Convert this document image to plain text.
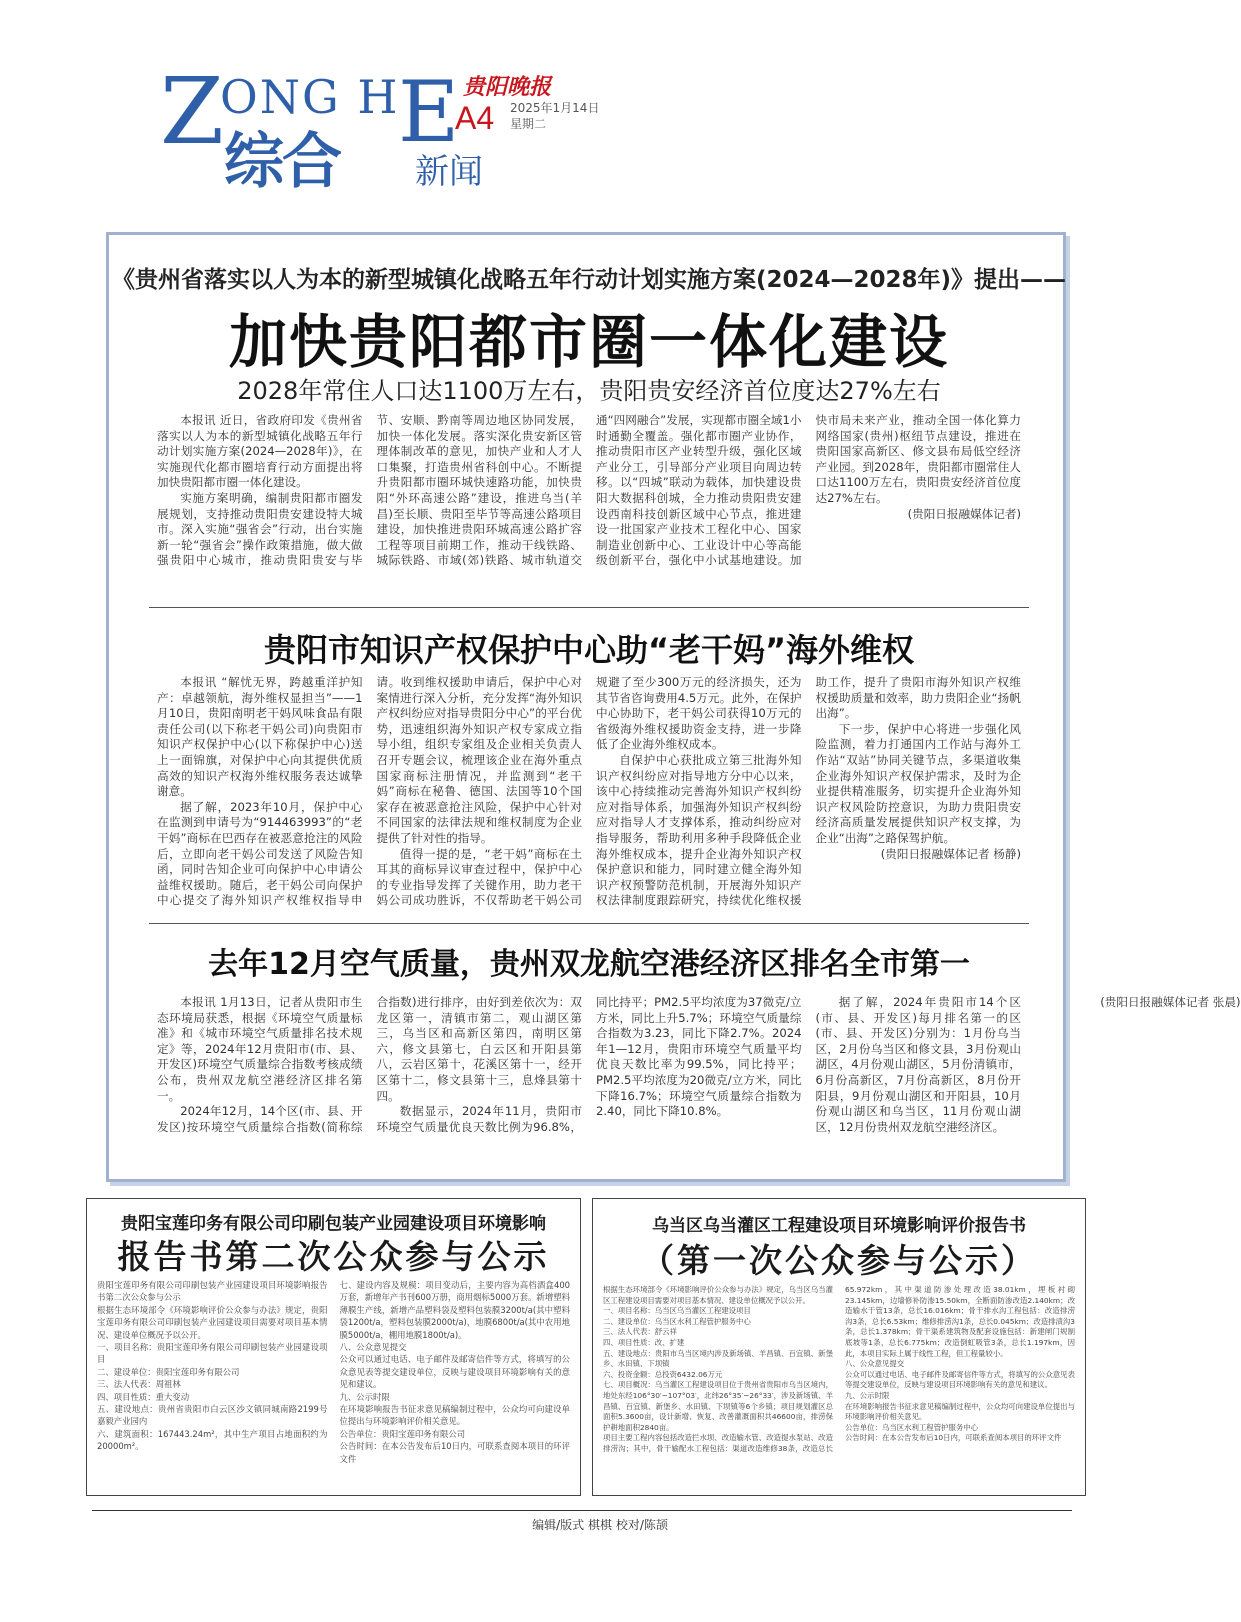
Z
ONG H
综合
E
新闻
贵阳晚报
A4 2025年1月14日
星期二
《贵州省落实以人为本的新型城镇化战略五年行动计划实施方案(2024—2028年)》提出——
加快贵阳都市圈一体化建设
2028年常住人口达1100万左右，贵阳贵安经济首位度达27%左右

本报讯 近日，省政府印发《贵州省落实以人为本的新型城镇化战略五年行动计划实施方案(2024—2028年)》，在实施现代化都市圈培育行动方面提出将加快贵阳都市圈一体化建设。

实施方案明确，编制贵阳都市圈发展规划，支持推动贵阳贵安建设特大城市。深入实施“强省会”行动，出台实施新一轮“强省会”操作政策措施，做大做强贵阳中心城市，推动贵阳贵安与毕节、安顺、黔南等周边地区协同发展，加快一体化发展。落实深化贵安新区管理体制改革的意见，加快产业和人才人口集聚，打造贵州省科创中心。不断提升贵阳都市圈环城快速路功能，加快贵阳“外环高速公路”建设，推进乌当(羊昌)至长顺、贵阳至毕节等高速公路项目建设，加快推进贵阳环城高速公路扩容工程等项目前期工作，推动干线铁路、城际铁路、市域(郊)铁路、城市轨道交通“四网融合”发展，实现都市圈全域1小时通勤全覆盖。强化都市圈产业协作，推动贵阳市区产业转型升级，强化区域产业分工，引导部分产业项目向周边转移。以“四城”联动为载体，加快建设贵阳大数据科创城，全力推动贵阳贵安建设西南科技创新区域中心节点，推进建设一批国家产业技术工程化中心、国家制造业创新中心、工业设计中心等高能级创新平台，强化中小试基地建设。加快市局未来产业，推动全国一体化算力网络国家(贵州)枢纽节点建设，推进在贵阳国家高新区、修文县布局低空经济产业园。到2028年，贵阳都市圈常住人口达1100万左右，贵阳贵安经济首位度达27%左右。

(贵阳日报融媒体记者)

贵阳市知识产权保护中心助“老干妈”海外维权

本报讯 “解忧无界，跨越重洋护知产：卓越领航，海外维权显担当”——1月10日，贵阳南明老干妈风味食品有限责任公司(以下称老干妈公司)向贵阳市知识产权保护中心(以下称保护中心)送上一面锦旗，对保护中心向其提供优质高效的知识产权海外维权服务表达诚挚谢意。

据了解，2023年10月，保护中心在监测到申请号为“914463993”的“老干妈”商标在巴西存在被恶意抢注的风险后，立即向老干妈公司发送了风险告知函，同时告知企业可向保护中心申请公益维权援助。随后，老干妈公司向保护中心提交了海外知识产权维权指导申请。收到维权援助申请后，保护中心对案情进行深入分析，充分发挥“海外知识产权纠纷应对指导贵阳分中心”的平台优势，迅速组织海外知识产权专家成立指导小组，组织专家组及企业相关负责人召开专题会议，梳理该企业在海外重点国家商标注册情况，并监测到“老干妈”商标在秘鲁、德国、法国等10个国家存在被恶意抢注风险，保护中心针对不同国家的法律法规和维权制度为企业提供了针对性的指导。

值得一提的是，“老干妈”商标在土耳其的商标异议审查过程中，保护中心的专业指导发挥了关键作用，助力老干妈公司成功胜诉，不仅帮助老干妈公司规避了至少300万元的经济损失，还为其节省咨询费用4.5万元。此外，在保护中心协助下，老干妈公司获得10万元的省级海外维权援助资金支持，进一步降低了企业海外维权成本。

自保护中心获批成立第三批海外知识产权纠纷应对指导地方分中心以来，该中心持续推动完善海外知识产权纠纷应对指导体系，加强海外知识产权纠纷应对指导人才支撑体系，推动纠纷应对指导服务，帮助利用多种手段降低企业海外维权成本，提升企业海外知识产权保护意识和能力，同时建立健全海外知识产权预警防范机制，开展海外知识产权法律制度跟踪研究，持续优化维权援助工作，提升了贵阳市海外知识产权维权援助质量和效率，助力贵阳企业“扬帆出海”。

下一步，保护中心将进一步强化风险监测，着力打通国内工作站与海外工作站“双站”协同关键节点，多渠道收集企业海外知识产权保护需求，及时为企业提供精准服务，切实提升企业海外知识产权风险防控意识，为助力贵阳贵安经济高质量发展提供知识产权支撑，为企业“出海”之路保驾护航。

(贵阳日报融媒体记者 杨静)

去年12月空气质量，贵州双龙航空港经济区排名全市第一

本报讯 1月13日，记者从贵阳市生态环境局获悉，根据《环境空气质量标准》和《城市环境空气质量排名技术规定》等，2024年12月贵阳市(市、县、开发区)环境空气质量综合指数考核成绩公布，贵州双龙航空港经济区排名第一。

2024年12月，14个区(市、县、开发区)按环境空气质量综合指数(简称综合指数)进行排序，由好到差依次为：双龙区第一，清镇市第二，观山湖区第三，乌当区和高新区第四，南明区第六，修文县第七，白云区和开阳县第八，云岩区第十，花溪区第十一，经开区第十二，修文县第十三，息烽县第十四。

数据显示，2024年11月，贵阳市环境空气质量优良天数比例为96.8%，同比持平；PM2.5平均浓度为37微克/立方米，同比上升5.7%；环境空气质量综合指数为3.23，同比下降2.7%。2024年1—12月，贵阳市环境空气质量平均优良天数比率为99.5%，同比持平；PM2.5平均浓度为20微克/立方米，同比下降16.7%；环境空气质量综合指数为2.40，同比下降10.8%。

据了解，2024年贵阳市14个区(市、县、开发区)每月排名第一的区(市、县、开发区)分别为：1月份乌当区，2月份乌当区和修文县，3月份观山湖区，4月份观山湖区，5月份清镇市，6月份高新区，7月份高新区，8月份开阳县，9月份观山湖区和开阳县，10月份观山湖区和乌当区，11月份观山湖区，12月份贵州双龙航空港经济区。

(贵阳日报融媒体记者 张晨)

贵阳宝莲印务有限公司印刷包装产业园建设项目环境影响
报告书第二次公众参与公示

贵阳宝莲印务有限公司印刷包装产业园建设项目环境影响报告书第二次公众参与公示

根据生态环境部令《环境影响评价公众参与办法》规定，贵阳宝莲印务有限公司印刷包装产业园建设项目需要对项目基本情况、建设单位概况予以公开。

一、项目名称：贵阳宝莲印务有限公司印刷包装产业园建设项目

二、建设单位：贵阳宝莲印务有限公司

三、法人代表：周祖林

四、项目性质：重大变动

五、建设地点：贵州省贵阳市白云区沙文镇同城南路2199号嘉毅产业园内

六、建筑面积：167443.24m²，其中生产项目占地面积约为20000m²。

七、建设内容及规模：项目变动后，主要内容为高档酒盒400万套，新增年产书刊600万册，商用烟标5000万套。新增塑料薄膜生产线，新增产品塑料袋及塑料包装膜3200t/a(其中塑料袋1200t/a，塑料包装膜2000t/a)，地膜6800t/a(其中农用地膜5000t/a，棚用地膜1800t/a)。

八、公众意见提交

公众可以通过电话、电子邮件及邮寄信件等方式，将填写的公众意见表等提交建设单位，反映与建设项目环境影响有关的意见和建议。

九、公示时限

在环境影响报告书征求意见稿编制过程中，公众均可向建设单位提出与环境影响评价相关意见。

公告单位：贵阳宝莲印务有限公司

公告时间：在本公告发布后10日内，可联系查阅本项目的环评文件

乌当区乌当灌区工程建设项目环境影响评价报告书
（第一次公众参与公示）

根据生态环境部令《环境影响评价公众参与办法》规定，乌当区乌当灌区工程建设项目需要对项目基本情况、建设单位概况予以公开。

一、项目名称：乌当区乌当灌区工程建设项目

二、建设单位：乌当区水利工程管护服务中心

三、法人代表：舒云祥

四、项目性质：改、扩建

五、建设地点：贵阳市乌当区境内涉及新场镇、羊昌镇、百宜镇、新堡乡、水田镇、下坝镇

六、投资金额：总投资6432.06万元

七、项目概况：乌当灌区工程建设项目位于贵州省贵阳市乌当区境内，地处东经106°30′~107°03′，北纬26°35′~26°33′，涉及新场镇、羊昌镇、百宜镇、新堡乡、水田镇、下坝镇等6个乡镇；项目规划灌区总面积5.3600亩，设计新增、恢复、改善灌溉面积共46600亩，排涝保护耕地面积2840亩。

项目主要工程内容包括改造拦水坝、改造输水管、改造提水泵站、改造排涝沟；其中，骨干输配水工程包括：渠道改造维修38条，改造总长65.972km，其中渠道防渗处理改造38.01km，埋板衬砌23.145km，边墙修补防渗15.50km，全断面防渗改造2.140km；改造输水干管13条，总长16.016km；骨干排水沟工程包括：改造排涝沟3条，总长6.53km；维修排涝沟1条，总长0.045km；改造排渍沟3条，总长1.378km；骨干渠系建筑物及配套设施包括：新建闸门规制底坡等1条，总长6.775km；改造倒虹吸管3条，总长1.197km，因此，本项目实际上属于线性工程，但工程量较小。

八、公众意见提交

公众可以通过电话、电子邮件及邮寄信件等方式，将填写的公众意见表等提交建设单位，反映与建设项目环境影响有关的意见和建议。

九、公示时限

在环境影响报告书征求意见稿编制过程中，公众均可向建设单位提出与环境影响评价相关意见。

公告单位：乌当区水利工程管护服务中心

公告时间：在本公告发布后10日内，可联系查阅本项目的环评文件

编辑/版式 棋棋 校对/陈颉
